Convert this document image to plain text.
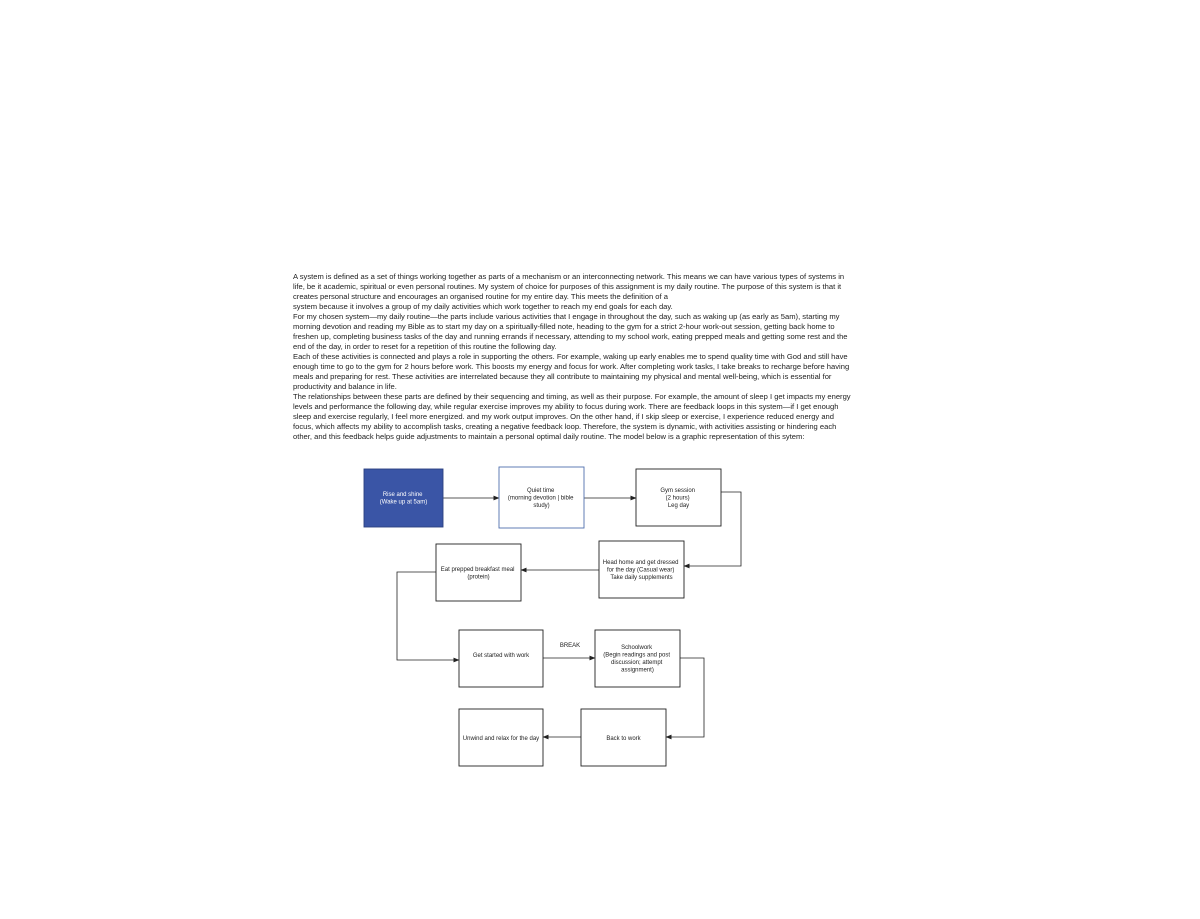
A system is defined as a set of things working together as parts of a mechanism or an interconnecting network. This means we can have various types of systems in life, be it academic, spiritual or even personal routines. My system of choice for purposes of this assignment is my daily routine. The purpose of this system is that it creates personal structure and encourages an organised routine for my entire day. This meets the definition of a

system because it involves a group of my daily activities which work together to reach my end goals for each day.

For my chosen system—my daily routine—the parts include various activities that I engage in throughout the day, such as waking up (as early as 5am), starting my morning devotion and reading my Bible as to start my day on a spiritually-filled note, heading to the gym for a strict 2-hour work-out session, getting back home to freshen up, completing business tasks of the day and running errands if necessary, attending to my school work, eating prepped meals and getting some rest and the end of the day, in order to reset for a repetition of this routine the following day.

Each of these activities is connected and plays a role in supporting the others. For example, waking up early enables me to spend quality time with God and still have enough time to go to the gym for 2 hours before work. This boosts my energy and focus for work. After completing work tasks, I take breaks to recharge before having meals and preparing for rest. These activities are interrelated because they all contribute to maintaining my physical and mental well-being, which is essential for productivity and balance in life.

The relationships between these parts are defined by their sequencing and timing, as well as their purpose. For example, the amount of sleep I get impacts my energy levels and performance the following day, while regular exercise improves my ability to focus during work. There are feedback loops in this system—if I get enough sleep and exercise regularly, I feel more energized. and my work output improves. On the other hand, if I skip sleep or exercise, I experience reduced energy and focus, which affects my ability to accomplish tasks, creating a negative feedback loop. Therefore, the system is dynamic, with activities assisting or hindering each other, and this feedback helps guide adjustments to maintain a personal optimal daily routine. The model below is a graphic representation of this sytem:

BREAK
Rise and shine (Wake up at 5am)
Quiet time (morning devotion | bible study)
Gym session (2 hours) Leg day
Head home and get dressed for the day (Casual wear) Take daily supplements
Eat prepped breakfast meal (protein)
Get started with work
Schoolwork (Begin readings and post discussion; attempt assignment)
Back to work
Unwind and relax for the day
